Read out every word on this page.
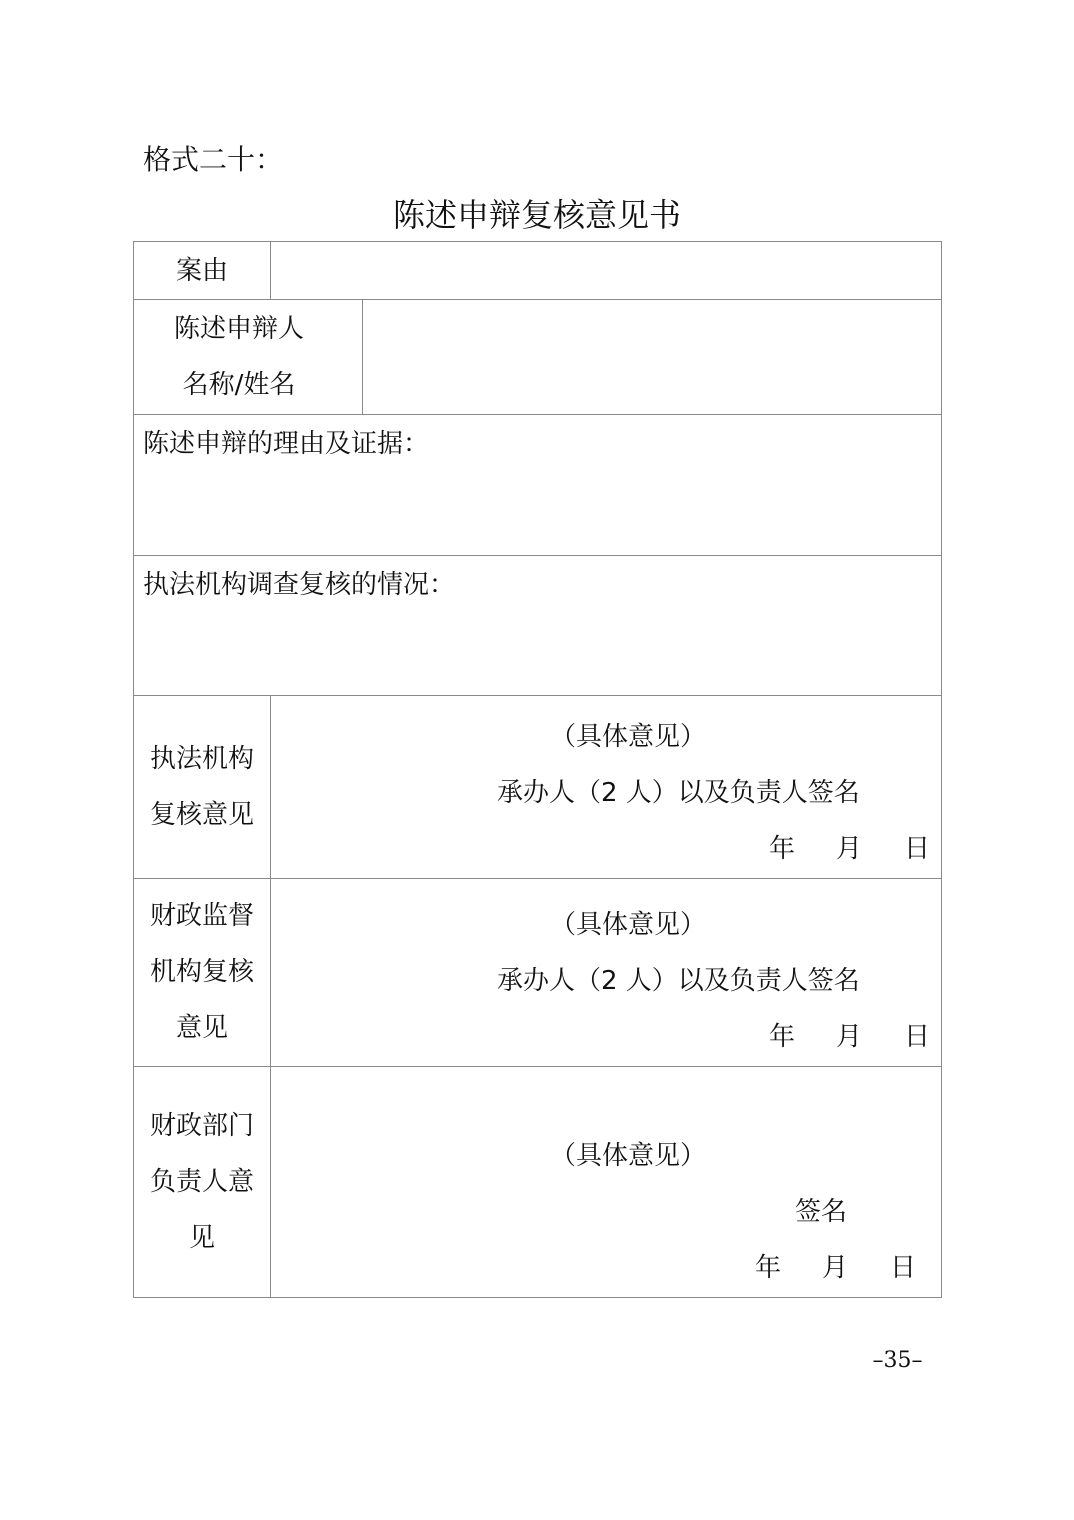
格式二十：
陈述申辩复核意见书
案由
陈述申辩人
名称/姓名
陈述申辩的理由及证据：
执法机构调查复核的情况：
执法机构
复核意见
（具体意见）
承办人（2 人）以及负责人签名
年 月 日
财政监督
机构复核
意见
（具体意见）
承办人（2 人）以及负责人签名
年 月 日
财政部门
负责人意
见
（具体意见）
签名
年 月 日
–35–
